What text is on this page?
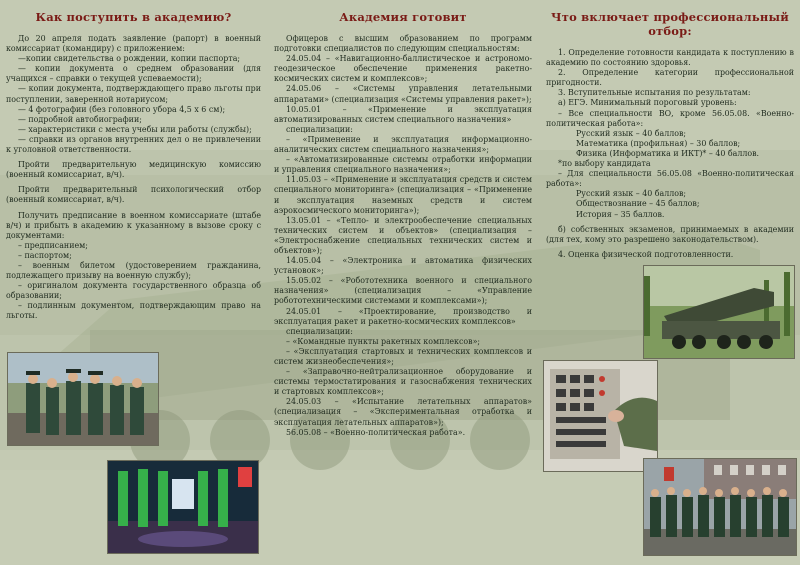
Как поступить в академию?

До 20 апреля подать заявление (рапорт) в военный комиссариат (командиру) с приложением:

—копии свидетельства о рождении, копии паспорта;

— копии документа о среднем образовании (для учащихся – справки о текущей успеваемости);

— копии документа, подтверждающего право льготы при поступлении, заверенной нотариусом;

— 4 фотографии (без головного убора 4,5 х 6 см);

— подробной автобиографии;

— характеристики с места учебы или работы (службы);

— справки из органов внутренних дел о не привлечении к уголовной ответственности.

Пройти предварительную медицинскую комиссию (военный комиссариат, в/ч).

Пройти предварительный психологический отбор (военный комиссариат, в/ч).

Получить предписание в военном комиссариате (штабе в/ч) и прибыть в академию к указанному в вызове сроку с документами:

– предписанием;

– паспортом;

– военным билетом (удостоверением гражданина, подлежащего призыву на военную службу);

– оригиналом документа государственного образца об образовании;

– подлинным документом, подтверждающим право на льготы.

Академия готовит

Офицеров с высшим образованием по программ подготовки специалистов по следующим специальностям:

24.05.04 – «Навигационно-баллистическое и астрономо-геодезическое обеспечение применения ракетно-космических систем и комплексов»;

24.05.06 – «Системы управления летательными аппаратами» (специализация «Системы управления ракет»);

10.05.01 – «Применение и эксплуатация автоматизированных систем специального назначения»

специализации:

– «Применение и эксплуатация информационно-аналитических систем специального назначения»;

– «Автоматизированные системы отработки информации и управления специального назначения»;

11.05.03 – «Применение и эксплуатация средств и систем специального мониторинга» (специализация – «Применение и эксплуатация наземных средств и систем аэрокосмического мониторинга»);

13.05.01 – «Тепло- и электрообеспечение специальных технических систем и объектов» (специализация – «Электроснабжение специальных технических систем и объектов»);

14.05.04 – «Электроника и автоматика физических установок»;

15.05.02 – «Робототехника военного и специального назначения» (специализация – «Управление робототехническими системами и комплексами»);

24.05.01 – «Проектирование, производство и эксплуатация ракет и ракетно-космических комплексов»

специализации:

– «Командные пункты ракетных комплексов»;

– «Эксплуатация стартовых и технических комплексов и систем жизнеобеспечения»;

– «Заправочно-нейтрализационное оборудование и системы термостатирования и газоснабжения технических и стартовых комплексов»;

24.05.03 – «Испытание летательных аппаратов» (специализация – «Экспериментальная отработка и эксплуатация летательных аппаратов»);

56.05.08 – «Военно-политическая работа».

Что включает профессиональный отбор:

1. Определение готовности кандидата к поступлению в академию по состоянию здоровья.

2. Определение категории профессиональной пригодности.

3. Вступительные испытания по результатам:

а) ЕГЭ. Минимальный пороговый уровень:

– Все специальности ВО, кроме 56.05.08. «Военно-политическая работа»:

Русский язык – 40 баллов;

Математика (профильная) – 30 баллов;

Физика (Информатика и ИКТ)* – 40 баллов.

*по выбору кандидата

– Для специальности 56.05.08 «Военно-политическая работа»:

Русский язык – 40 баллов;

Обществознание – 45 баллов;

История – 35 баллов.

б) собственных экзаменов, принимаемых в академии (для тех, кому это разрешено законодательством).

4. Оценка физической подготовленности.
